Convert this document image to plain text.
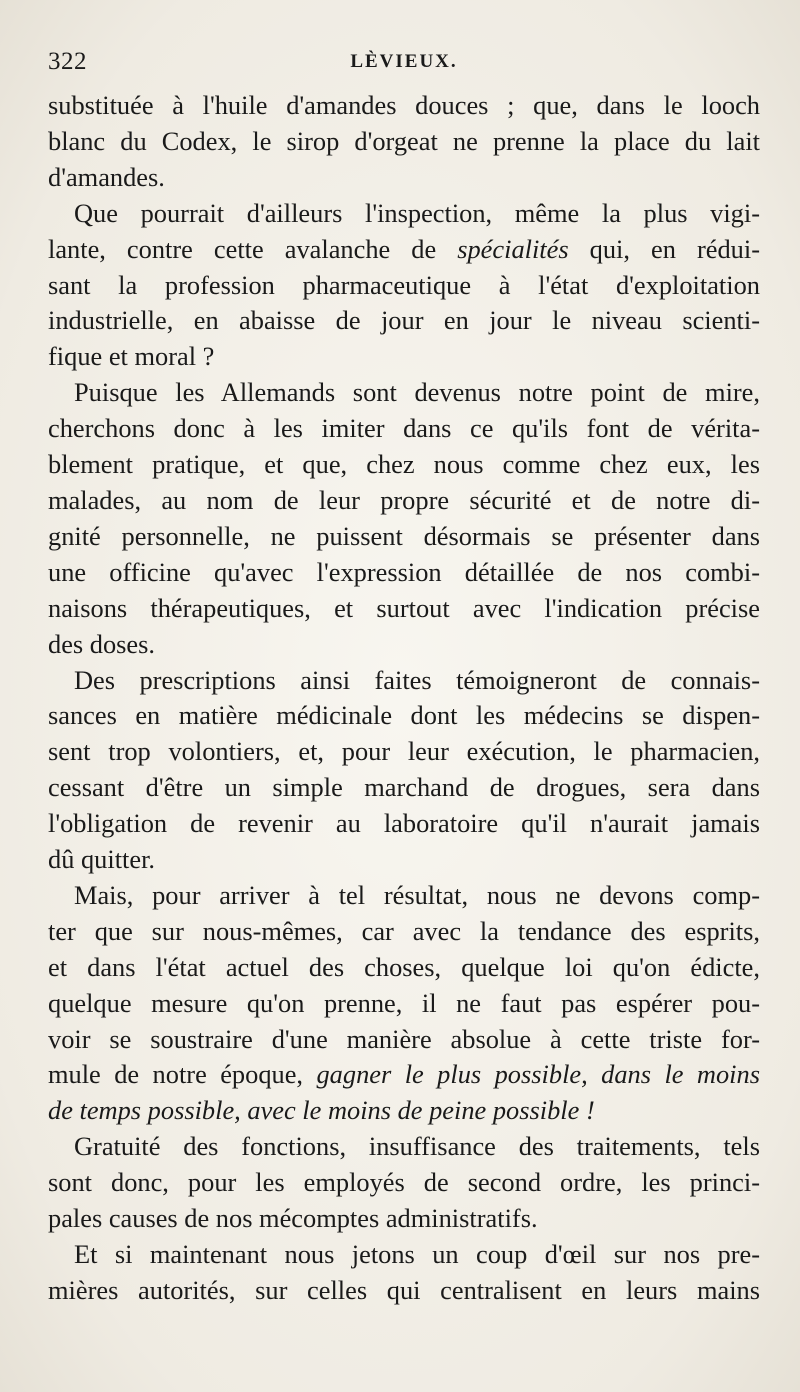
322	LÈVIEUX.

substituée à l'huile d'amandes douces ; que, dans le looch
blanc du Codex, le sirop d'orgeat ne prenne la place du lait
d'amandes.

Que pourrait d'ailleurs l'inspection, même la plus vigi-
lante, contre cette avalanche de spécialités qui, en rédui-
sant la profession pharmaceutique à l'état d'exploitation
industrielle, en abaisse de jour en jour le niveau scienti-
fique et moral ?

Puisque les Allemands sont devenus notre point de mire,
cherchons donc à les imiter dans ce qu'ils font de vérita-
blement pratique, et que, chez nous comme chez eux, les
malades, au nom de leur propre sécurité et de notre di-
gnité personnelle, ne puissent désormais se présenter dans
une officine qu'avec l'expression détaillée de nos combi-
naisons thérapeutiques, et surtout avec l'indication précise
des doses.

Des prescriptions ainsi faites témoigneront de connais-
sances en matière médicinale dont les médecins se dispen-
sent trop volontiers, et, pour leur exécution, le pharmacien,
cessant d'être un simple marchand de drogues, sera dans
l'obligation de revenir au laboratoire qu'il n'aurait jamais
dû quitter.

Mais, pour arriver à tel résultat, nous ne devons comp-
ter que sur nous-mêmes, car avec la tendance des esprits,
et dans l'état actuel des choses, quelque loi qu'on édicte,
quelque mesure qu'on prenne, il ne faut pas espérer pou-
voir se soustraire d'une manière absolue à cette triste for-
mule de notre époque, gagner le plus possible, dans le moins
de temps possible, avec le moins de peine possible !

Gratuité des fonctions, insuffisance des traitements, tels
sont donc, pour les employés de second ordre, les princi-
pales causes de nos mécomptes administratifs.

Et si maintenant nous jetons un coup d'œil sur nos pre-
mières autorités, sur celles qui centralisent en leurs mains
